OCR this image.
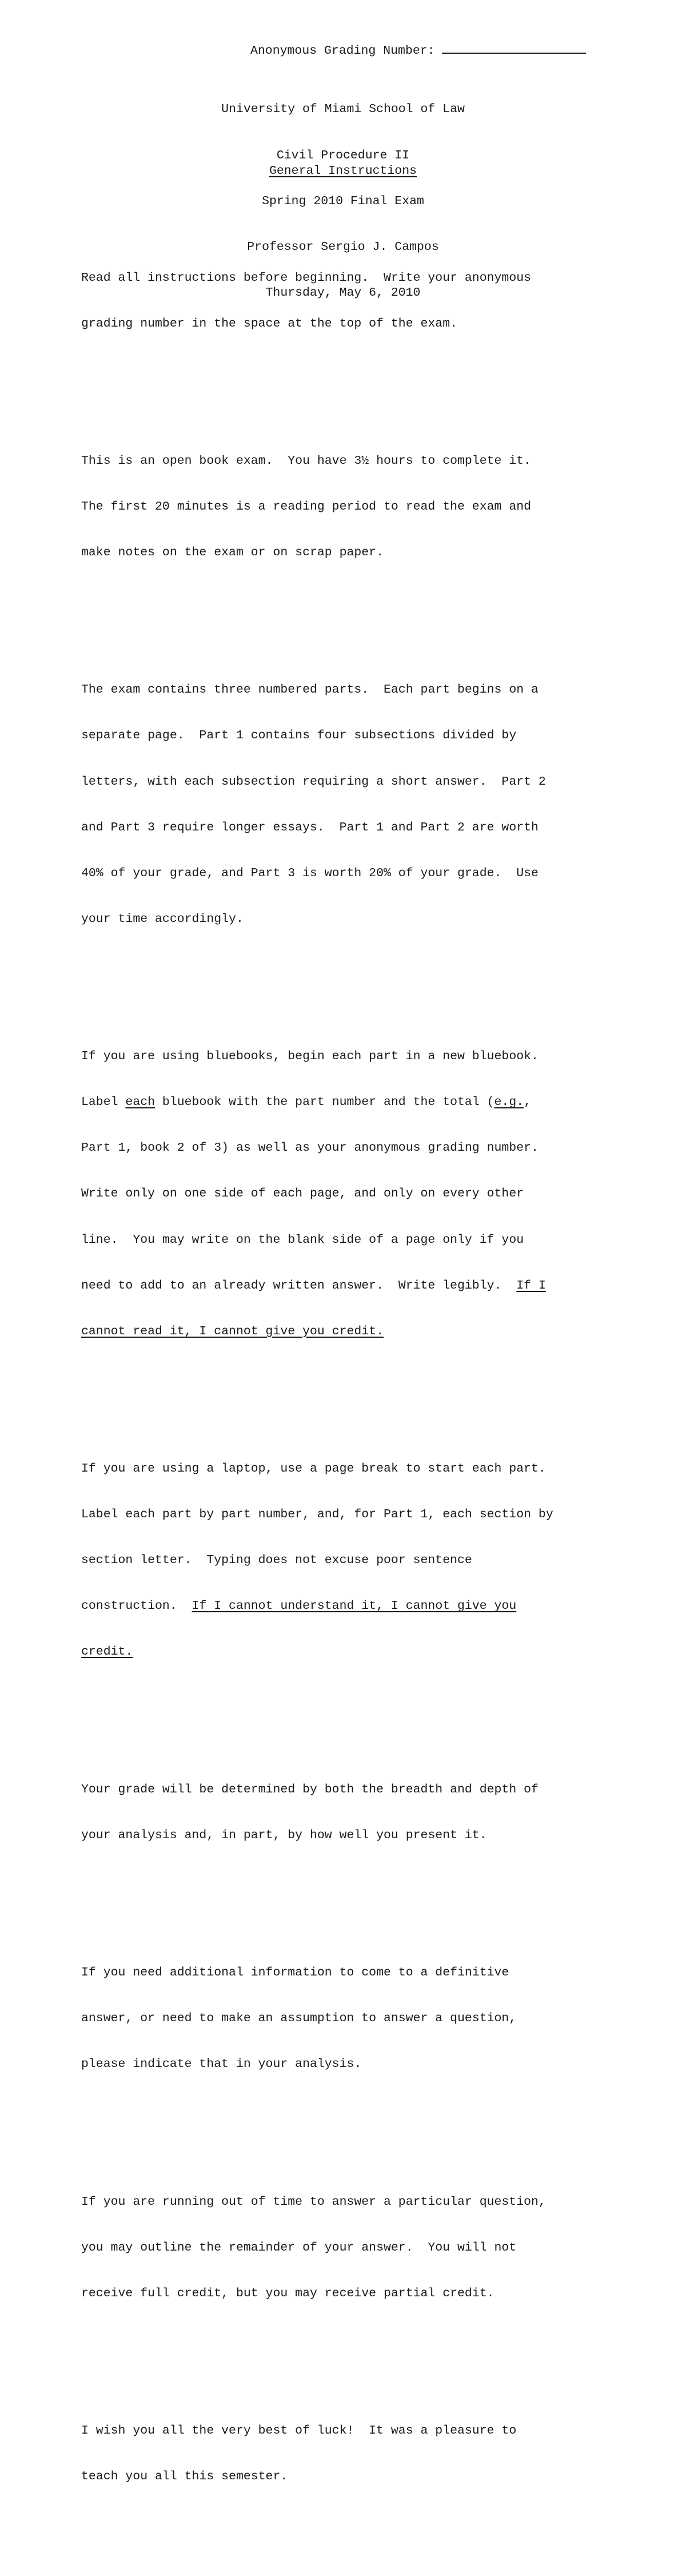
Anonymous Grading Number:

University of Miami School of Law

Civil Procedure II

Spring 2010 Final Exam

Professor Sergio J. Campos

Thursday, May 6, 2010

General Instructions

Read all instructions before beginning.  Write your anonymous

grading number in the space at the top of the exam.

This is an open book exam.  You have 3½ hours to complete it.

The first 20 minutes is a reading period to read the exam and

make notes on the exam or on scrap paper.

The exam contains three numbered parts.  Each part begins on a

separate page.  Part 1 contains four subsections divided by

letters, with each subsection requiring a short answer.  Part 2

and Part 3 require longer essays.  Part 1 and Part 2 are worth

40% of your grade, and Part 3 is worth 20% of your grade.  Use

your time accordingly.

If you are using bluebooks, begin each part in a new bluebook.

Label each bluebook with the part number and the total (e.g.,

Part 1, book 2 of 3) as well as your anonymous grading number.

Write only on one side of each page, and only on every other

line.  You may write on the blank side of a page only if you

need to add to an already written answer.  Write legibly.  If I

cannot read it, I cannot give you credit.

If you are using a laptop, use a page break to start each part.

Label each part by part number, and, for Part 1, each section by

section letter.  Typing does not excuse poor sentence

construction.  If I cannot understand it, I cannot give you

credit.

Your grade will be determined by both the breadth and depth of

your analysis and, in part, by how well you present it.

If you need additional information to come to a definitive

answer, or need to make an assumption to answer a question,

please indicate that in your analysis.

If you are running out of time to answer a particular question,

you may outline the remainder of your answer.  You will not

receive full credit, but you may receive partial credit.

I wish you all the very best of luck!  It was a pleasure to

teach you all this semester.
